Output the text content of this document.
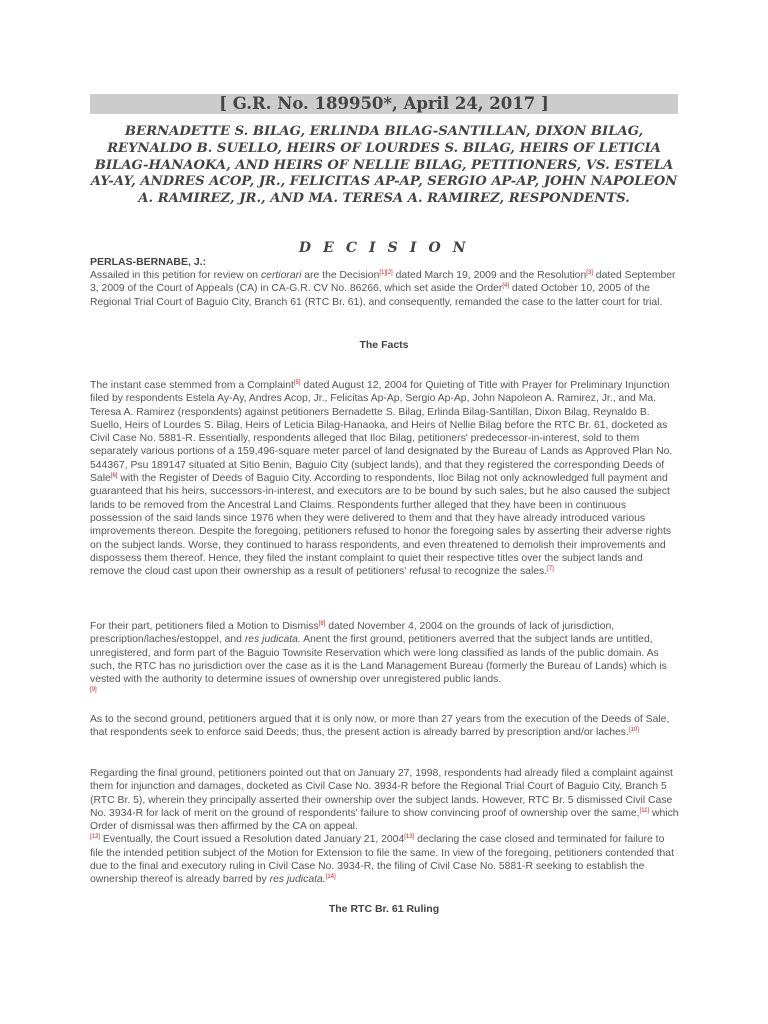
[ G.R. No. 189950*, April 24, 2017 ]
BERNADETTE S. BILAG, ERLINDA BILAG-SANTILLAN, DIXON BILAG, REYNALDO B. SUELLO, HEIRS OF LOURDES S. BILAG, HEIRS OF LETICIA BILAG-HANAOKA, AND HEIRS OF NELLIE BILAG, PETITIONERS, VS. ESTELA AY-AY, ANDRES ACOP, JR., FELICITAS AP-AP, SERGIO AP-AP, JOHN NAPOLEON A. RAMIREZ, JR., AND MA. TERESA A. RAMIREZ, RESPONDENTS.
D E C I S I O N
PERLAS-BERNABE, J.:

Assailed in this petition for review on certiorari are the Decision[1][2] dated March 19, 2009 and the Resolution[3] dated September 3, 2009 of the Court of Appeals (CA) in CA-G.R. CV No. 86266, which set aside the Order[4] dated October 10, 2005 of the Regional Trial Court of Baguio City, Branch 61 (RTC Br. 61), and consequently, remanded the case to the latter court for trial.

The Facts

The instant case stemmed from a Complaint[5] dated August 12, 2004 for Quieting of Title with Prayer for Preliminary Injunction filed by respondents Estela Ay-Ay, Andres Acop, Jr., Felicitas Ap-Ap, Sergio Ap-Ap, John Napoleon A. Ramirez, Jr., and Ma. Teresa A. Ramirez (respondents) against petitioners Bernadette S. Bilag, Erlinda Bilag-Santillan, Dixon Bilag, Reynaldo B. Suello, Heirs of Lourdes S. Bilag, Heirs of Leticia Bilag-Hanaoka, and Heirs of Nellie Bilag before the RTC Br. 61, docketed as Civil Case No. 5881-R. Essentially, respondents alleged that Iloc Bilag, petitioners' predecessor-in-interest, sold to them separately various portions of a 159,496-square meter parcel of land designated by the Bureau of Lands as Approved Plan No. 544367, Psu 189147 situated at Sitio Benin, Baguio City (subject lands), and that they registered the corresponding Deeds of Sale[6] with the Register of Deeds of Baguio City. According to respondents, Iloc Bilag not only acknowledged full payment and guaranteed that his heirs, successors-in-interest, and executors are to be bound by such sales, but he also caused the subject lands to be removed from the Ancestral Land Claims. Respondents further alleged that they have been in continuous possession of the said lands since 1976 when they were delivered to them and that they have already introduced various improvements thereon. Despite the foregoing, petitioners refused to honor the foregoing sales by asserting their adverse rights on the subject lands. Worse, they continued to harass respondents, and even threatened to demolish their improvements and dispossess them thereof. Hence, they filed the instant complaint to quiet their respective titles over the subject lands and remove the cloud cast upon their ownership as a result of petitioners' refusal to recognize the sales.[7]

For their part, petitioners filed a Motion to Dismiss[8] dated November 4, 2004 on the grounds of lack of jurisdiction, prescription/laches/estoppel, and res judicata. Anent the first ground, petitioners averred that the subject lands are untitled, unregistered, and form part of the Baguio Townsite Reservation which were long classified as lands of the public domain. As such, the RTC has no jurisdiction over the case as it is the Land Management Bureau (formerly the Bureau of Lands) which is vested with the authority to determine issues of ownership over unregistered public lands.
[9]

As to the second ground, petitioners argued that it is only now, or more than 27 years from the execution of the Deeds of Sale, that respondents seek to enforce said Deeds; thus, the present action is already barred by prescription and/or laches.[10]

Regarding the final ground, petitioners pointed out that on January 27, 1998, respondents had already filed a complaint against them for injunction and damages, docketed as Civil Case No. 3934-R before the Regional Trial Court of Baguio City, Branch 5 (RTC Br. 5), wherein they principally asserted their ownership over the subject lands. However, RTC Br. 5 dismissed Civil Case No. 3934-R for lack of merit on the ground of respondents' failure to show convincing proof of ownership over the same,[11] which Order of dismissal was then affirmed by the CA on appeal.
[12] Eventually, the Court issued a Resolution dated January 21, 2004[13] declaring the case closed and terminated for failure to file the intended petition subject of the Motion for Extension to file the same. In view of the foregoing, petitioners contended that due to the final and executory ruling in Civil Case No. 3934-R, the filing of Civil Case No. 5881-R seeking to establish the ownership thereof is already barred by res judicata.[14]

The RTC Br. 61 Ruling
